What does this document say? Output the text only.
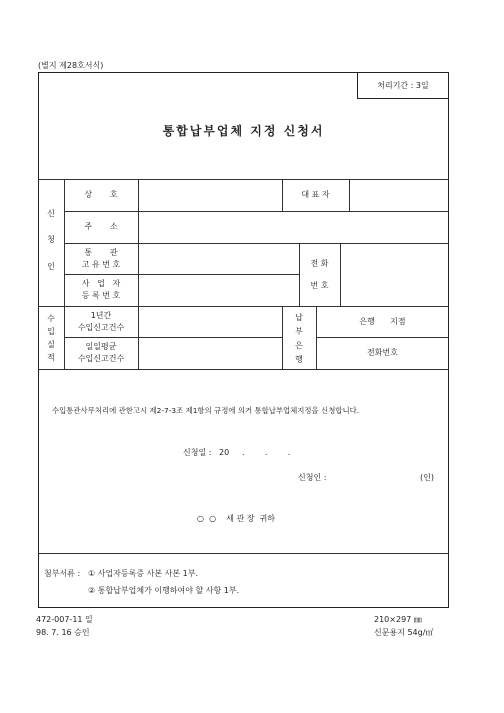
(별지 제28호서식)
처리기간 : 3일
통합납부업체 지정 신청서
신
청
인
상       호	대 표 자
주       소
통       관
고 유 번 호
사   업   자
등 록 번 호
전 화
번 호
수
입
실
적
1년간
수입신고건수
일일평균
수입신고건수
납
부
은
행
은행      지점
전화번호
수입통관사무처리에 관한고시 제2-7-3조 제1항의 규정에 의거 통합납부업체지정을 신청합니다.
신청일 :   20     .        .        .
신청인 :	(인)
○  ○    세 관 장  귀하
첨부서류 : ① 사업자등록증 사본 사본 1부.
② 통합납부업체가 이행하여야 할 사항 1부.
472-007-11 일
98. 7. 16 승인
210×297 ㎜
신문용지 54g/㎡
